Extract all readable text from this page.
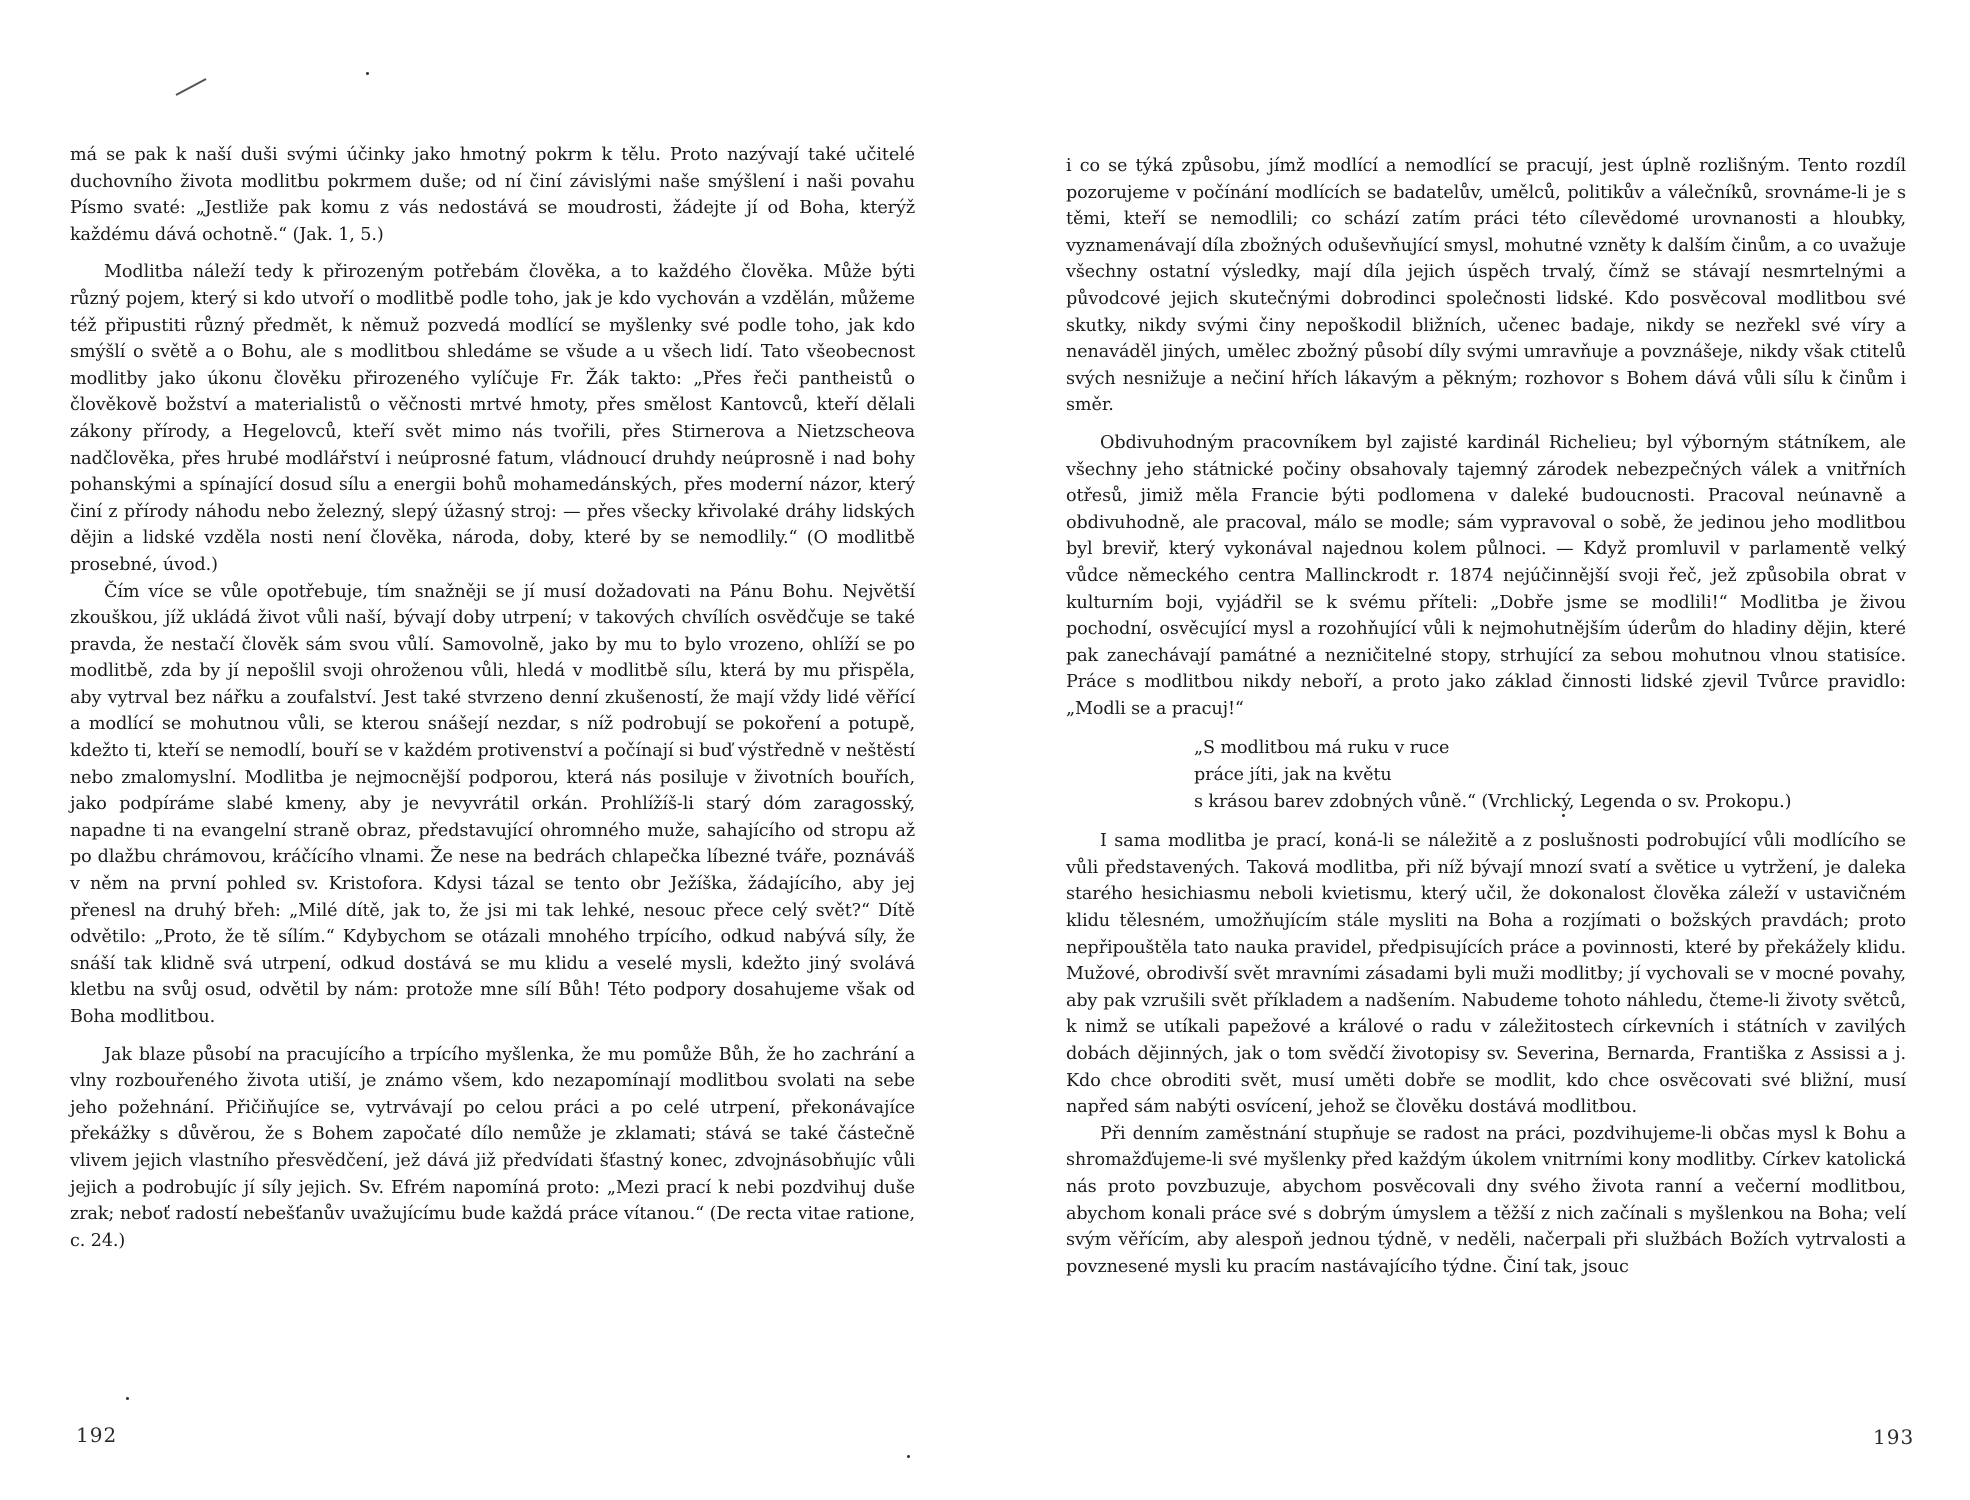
má se pak k naší duši svými účinky jako hmotný pokrm k tělu. Proto nazývají také učitelé duchovního života modlitbu pokrmem duše; od ní činí závislými naše smýšlení i naši povahu Písmo svaté: „Jestliže pak komu z vás nedostává se moudrosti, žádejte jí od Boha, kterýž každému dává ochotně.“ (Jak. 1, 5.)

Modlitba náleží tedy k přirozeným potřebám člověka, a to každého člověka. Může býti různý pojem, který si kdo utvoří o modlitbě podle toho, jak je kdo vychován a vzdělán, můžeme též připustiti různý předmět, k němuž pozvedá modlící se myšlenky své podle toho, jak kdo smýšlí o světě a o Bohu, ale s modlitbou shledáme se všude a u všech lidí. Tato všeobecnost modlitby jako úkonu člověku přirozeného vylíčuje Fr. Žák takto: „Přes řeči pantheistů o člověkově božství a materialistů o věčnosti mrtvé hmoty, přes smělost Kantovců, kteří dělali zákony přírody, a Hegelovců, kteří svět mimo nás tvořili, přes Stirnerova a Nietzscheova nadčlověka, přes hrubé modlářství i neúprosné fatum, vládnoucí druhdy neúprosně i nad bohy pohanskými a spínající dosud sílu a energii bohů mohamedánských, přes moderní názor, který činí z přírody náhodu nebo železný, slepý úžasný stroj: — přes všecky křivolaké dráhy lidských dějin a lidské vzděla nosti není člověka, národa, doby, které by se nemodlily.“ (O modlitbě prosebné, úvod.)

Čím více se vůle opotřebuje, tím snažněji se jí musí dožadovati na Pánu Bohu. Největší zkouškou, jíž ukládá život vůli naší, bývají doby utrpení; v takových chvílích osvědčuje se také pravda, že nestačí člověk sám svou vůlí. Samovolně, jako by mu to bylo vrozeno, ohlíží se po modlitbě, zda by jí nepošlil svoji ohroženou vůli, hledá v modlitbě sílu, která by mu přispěla, aby vytrval bez nářku a zoufalství. Jest také stvrzeno denní zkušeností, že mají vždy lidé věřící a modlící se mohutnou vůli, se kterou snášejí nezdar, s níž podrobují se pokoření a potupě, kdežto ti, kteří se nemodlí, bouří se v každém protivenství a počínají si buď výstředně v neštěstí nebo zmalomyslní. Modlitba je nejmocnější podporou, která nás posiluje v životních bouřích, jako podpíráme slabé kmeny, aby je nevyvrátil orkán. Prohlížíš-li starý dóm zaragosský, napadne ti na evangelní straně obraz, představující ohromného muže, sahajícího od stropu až po dlažbu chrámovou, kráčícího vlnami. Že nese na bedrách chlapečka líbezné tváře, poznáváš v něm na první pohled sv. Kristofora. Kdysi tázal se tento obr Ježíška, žádajícího, aby jej přenesl na druhý břeh: „Milé dítě, jak to, že jsi mi tak lehké, nesouc přece celý svět?“ Dítě odvětilo: „Proto, že tě sílím.“ Kdybychom se otázali mnohého trpícího, odkud nabývá síly, že snáší tak klidně svá utrpení, odkud dostává se mu klidu a veselé mysli, kdežto jiný svolává kletbu na svůj osud, odvětil by nám: protože mne sílí Bůh! Této podpory dosahujeme však od Boha modlitbou.

Jak blaze působí na pracujícího a trpícího myšlenka, že mu pomůže Bůh, že ho zachrání a vlny rozbouřeného života utiší, je známo všem, kdo nezapomínají modlitbou svolati na sebe jeho požehnání. Přičiňujíce se, vytrvávají po celou práci a po celé utrpení, překonávajíce překážky s důvěrou, že s Bohem započaté dílo nemůže je zklamati; stává se také částečně vlivem jejich vlastního přesvědčení, jež dává již předvídati šťastný konec, zdvojnásobňujíc vůli jejich a podrobujíc jí síly jejich. Sv. Efrém napomíná proto: „Mezi prací k nebi pozdvihuj duše zrak; neboť radostí nebešťanův uvažujícímu bude každá práce vítanou.“ (De recta vitae ratione, c. 24.)

192

i co se týká způsobu, jímž modlící a nemodlící se pracují, jest úplně rozlišným. Tento rozdíl pozorujeme v počínání modlících se badatelův, umělců, politikův a válečníků, srovnáme-li je s těmi, kteří se nemodlili; co schází zatím práci této cílevědomé urovnanosti a hloubky, vyznamenávají díla zbožných oduševňující smysl, mohutné vzněty k dalším činům, a co uvažuje všechny ostatní výsledky, mají díla jejich úspěch trvalý, čímž se stávají nesmrtelnými a původcové jejich skutečnými dobrodinci společnosti lidské. Kdo posvěcoval modlitbou své skutky, nikdy svými činy nepoškodil bližních, učenec badaje, nikdy se nezřekl své víry a nenaváděl jiných, umělec zbožný působí díly svými umravňuje a povznášeje, nikdy však ctitelů svých nesnižuje a nečiní hřích lákavým a pěkným; rozhovor s Bohem dává vůli sílu k činům i směr.

Obdivuhodným pracovníkem byl zajisté kardinál Richelieu; byl výborným státníkem, ale všechny jeho státnické počiny obsahovaly tajemný zárodek nebezpečných válek a vnitřních otřesů, jimiž měla Francie býti podlomena v daleké budoucnosti. Pracoval neúnavně a obdivuhodně, ale pracoval, málo se modle; sám vypravoval o sobě, že jedinou jeho modlitbou byl breviř, který vykonával najednou kolem půlnoci. — Když promluvil v parlamentě velký vůdce německého centra Mallinckrodt r. 1874 nejúčinnější svoji řeč, jež způsobila obrat v kulturním boji, vyjádřil se k svému příteli: „Dobře jsme se modlili!“ Modlitba je živou pochodní, osvěcující mysl a rozohňující vůli k nejmohutnějším úderům do hladiny dějin, které pak zanechávají památné a nezničitelné stopy, strhující za sebou mohutnou vlnou statisíce. Práce s modlitbou nikdy neboří, a proto jako základ činnosti lidské zjevil Tvůrce pravidlo: „Modli se a pracuj!“

„S modlitbou má ruku v ruce
práce jíti, jak na květu
s krásou barev zdobných vůně.“ (Vrchlický, Legenda o sv. Prokopu.)

I sama modlitba je prací, koná-li se náležitě a z poslušnosti podrobující vůli modlícího se vůli představených. Taková modlitba, při níž bývají mnozí svatí a světice u vytržení, je daleka starého hesichiasmu neboli kvietismu, který učil, že dokonalost člověka záleží v ustavičném klidu tělesném, umožňujícím stále mysliti na Boha a rozjímati o božských pravdách; proto nepřipouštěla tato nauka pravidel, předpisujících práce a povinnosti, které by překážely klidu. Mužové, obrodivší svět mravními zásadami byli muži modlitby; jí vychovali se v mocné povahy, aby pak vzrušili svět příkladem a nadšením. Nabudeme tohoto náhledu, čteme-li životy světců, k nimž se utíkali papežové a králové o radu v záležitostech církevních i státních v zavilých dobách dějinných, jak o tom svědčí životopisy sv. Severina, Bernarda, Františka z Assissi a j. Kdo chce obroditi svět, musí uměti dobře se modlit, kdo chce osvěcovati své bližní, musí napřed sám nabýti osvícení, jehož se člověku dostává modlitbou.

Při denním zaměstnání stupňuje se radost na práci, pozdvihujeme-li občas mysl k Bohu a shromažďujeme-li své myšlenky před každým úkolem vnitrními kony modlitby. Církev katolická nás proto povzbuzuje, abychom posvěcovali dny svého života ranní a večerní modlitbou, abychom konali práce své s dobrým úmyslem a těžší z nich začínali s myšlenkou na Boha; velí svým věřícím, aby alespoň jednou týdně, v neděli, načerpali při službách Božích vytrvalosti a povznesené mysli ku pracím nastávajícího týdne. Činí tak, jsouc

193
